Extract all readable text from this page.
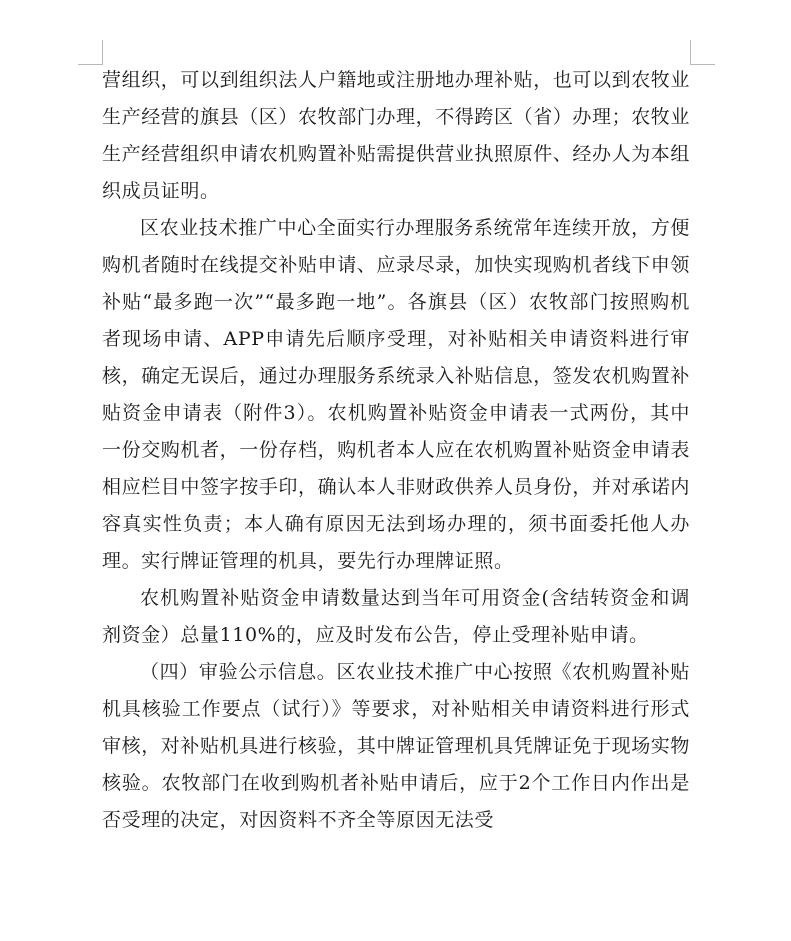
营组织，可以到组织法人户籍地或注册地办理补贴，也可以到农牧业生产经营的旗县（区）农牧部门办理，不得跨区（省）办理；农牧业生产经营组织申请农机购置补贴需提供营业执照原件、经办人为本组织成员证明。

区农业技术推广中心全面实行办理服务系统常年连续开放，方便购机者随时在线提交补贴申请、应录尽录，加快实现购机者线下申领补贴“最多跑一次”“最多跑一地”。各旗县（区）农牧部门按照购机者现场申请、APP申请先后顺序受理，对补贴相关申请资料进行审核，确定无误后，通过办理服务系统录入补贴信息，签发农机购置补贴资金申请表（附件3）。农机购置补贴资金申请表一式两份，其中一份交购机者，一份存档，购机者本人应在农机购置补贴资金申请表相应栏目中签字按手印，确认本人非财政供养人员身份，并对承诺内容真实性负责；本人确有原因无法到场办理的，须书面委托他人办理。实行牌证管理的机具，要先行办理牌证照。

农机购置补贴资金申请数量达到当年可用资金(含结转资金和调剂资金）总量110%的，应及时发布公告，停止受理补贴申请。

（四）审验公示信息。区农业技术推广中心按照《农机购置补贴机具核验工作要点（试行）》等要求，对补贴相关申请资料进行形式审核，对补贴机具进行核验，其中牌证管理机具凭牌证免于现场实物核验。农牧部门在收到购机者补贴申请后，应于2个工作日内作出是否受理的决定，对因资料不齐全等原因无法受
